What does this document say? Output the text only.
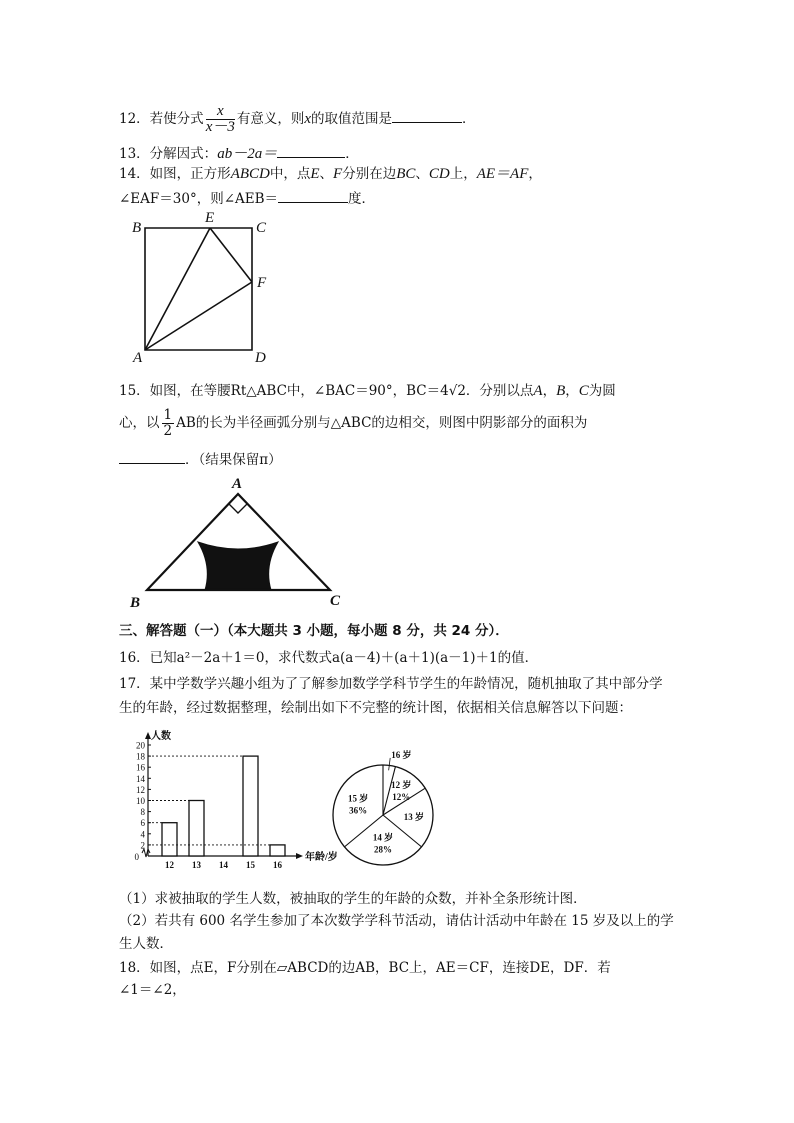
12．若使分式 $\frac{x}{x-3}$ 有意义，则x的取值范围是	．
13．分解因式：ab－2a＝	．
14．如图，正方形ABCD中，点E、F分别在边BC、CD上，AE＝AF，
∠EAF＝30°，则∠AEB＝	度．
B
E
C
F
A	D
15．如图，在等腰Rt△ABC中，∠BAC＝90°，BC＝4√2．分别以点A，B，C为圆
心，以 $\frac{1}{2}$ AB的长为半径画弧分别与△ABC的边相交，则图中阴影部分的面积为
．（结果保留π）
A
B	C
三、解答题（一）（本大题共 3 小题，每小题 8 分，共 24 分）．
16．已知a²－2a＋1＝0，求代数式a(a－4)＋(a＋1)(a－1)＋1的值．
17．某中学数学兴趣小组为了了解参加数学学科节学生的年龄情况，随机抽取了其中部分学
生的年龄，经过数据整理，绘制出如下不完整的统计图，依据相关信息解答以下问题：
人数
年龄/岁
2
4
6
8
10
12
14
16
18
20
0
12 13 14 15 16
15 岁
36%
16 岁
12 岁
12%
13 岁
14 岁
28%
（1）求被抽取的学生人数，被抽取的学生的年龄的众数，并补全条形统计图．
（2）若共有 600 名学生参加了本次数学学科节活动，请估计活动中年龄在 15 岁及以上的学
生人数．
18．如图，点E，F分别在▱ABCD的边AB，BC上，AE＝CF，连接DE，DF．若
∠1＝∠2，
